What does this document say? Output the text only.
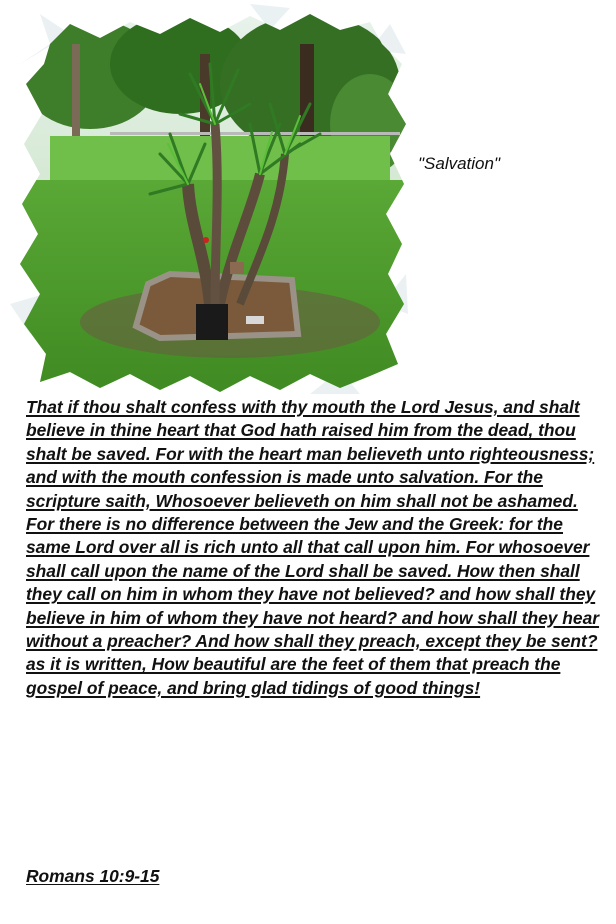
"Salvation"

That if thou shalt confess with thy mouth the Lord Jesus, and shalt believe in thine heart that God hath raised him from the dead, thou shalt be saved. For with the heart man believeth unto righteousness; and with the mouth confession is made unto salvation. For the scripture saith, Whosoever believeth on him shall not be ashamed. For there is no difference between the Jew and the Greek: for the same Lord over all is rich unto all that call upon him. For whosoever shall call upon the name of the Lord shall be saved. How then shall they call on him in whom they have not believed? and how shall they believe in him of whom they have not heard? and how shall they hear without a preacher? And how shall they preach, except they be sent? as it is written, How beautiful are the feet of them that preach the gospel of peace, and bring glad tidings of good things!

Romans 10:9-15
